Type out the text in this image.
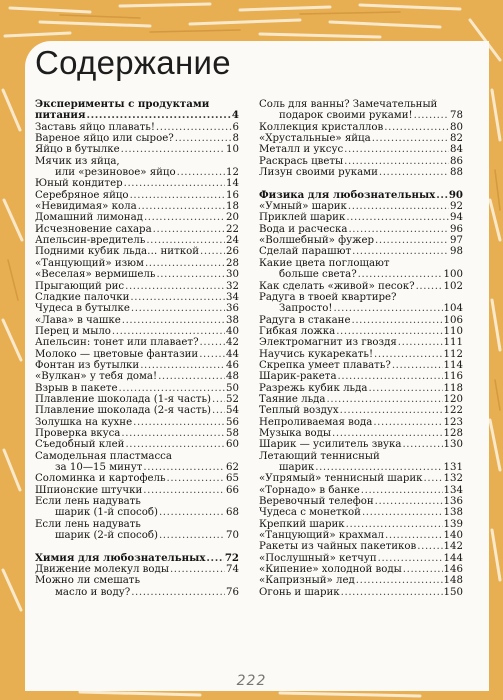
Содержание
Эксперименты с продуктами
питания .....	4
Заставь яйцо плавать! .....	6
Вареное яйцо или сырое? .....	8
Яйцо в бутылке .....	10
Мячик из яйца,
или «резиновое» яйцо .....	12
Юный кондитер .....	14
Серебряное яйцо .....	16
«Невидимая» кола .....	18
Домашний лимонад .....	20
Исчезновение сахара .....	22
Апельсин-вредитель .....	24
Подними кубик льда… ниткой .....	26
«Танцующий» изюм .....	28
«Веселая» вермишель .....	30
Прыгающий рис .....	32
Сладкие палочки .....	34
Чудеса в бутылке .....	36
«Лава» в чашке .....	38
Перец и мыло .....	40
Апельсин: тонет или плавает? .....	42
Молоко — цветовые фантазии .....	44
Фонтан из бутылки .....	46
«Вулкан» у тебя дома! .....	48
Взрыв в пакете .....	50
Плавление шоколада (1-я часть) ..... 52
Плавление шоколада (2-я часть) ..... 54
Золушка на кухне .....	56
Проверка вкуса .....	58
Съедобный клей .....	60
Самодельная пластмасса
за 10—15 минут .....	62
Соломинка и картофель .....	65
Шпионские штучки .....	66
Если лень надувать
шарик (1-й способ) .....	68
Если лень надувать
шарик (2-й способ) .....	70
Химия для любознательных ..... 72
Движение молекул воды .....	74
Можно ли смешать
масло и воду? .....	76
Соль для ванны? Замечательный
подарок своими руками! .....	78
Коллекция кристаллов .....	80
«Хрустальные» яйца .....	82
Металл и уксус .....	84
Раскрась цветы .....	86
Лизун своими руками .....	88
Физика для любознательных ..... 90
«Умный» шарик .....	92
Приклей шарик .....	94
Вода и расческа .....	96
«Волшебный» фужер .....	97
Сделай парашют .....	98
Какие цвета поглощают
больше света? .....	100
Как сделать «живой» песок? .....	102
Радуга в твоей квартире?
Запросто! .....	104
Радуга в стакане .....	106
Гибкая ложка .....	110
Электромагнит из гвоздя .....	111
Научись кукарекать! .....	112
Скрепка умеет плавать? .....	114
Шарик-ракета .....	116
Разрежь кубик льда .....	118
Таяние льда .....	120
Теплый воздух .....	122
Непроливаемая вода .....	123
Музыка воды .....	128
Шарик — усилитель звука .....	130
Летающий теннисный
шарик .....	131
«Упрямый» теннисный шарик ..... 132
«Торнадо» в банке .....	134
Веревочный телефон .....	136
Чудеса с монеткой .....	138
Крепкий шарик .....	139
«Танцующий» крахмал .....	140
Ракеты из чайных пакетиков .....	142
«Послушный» кетчуп .....	144
«Кипение» холодной воды .....	146
«Капризный» лед .....	148
Огонь и шарик .....	150
222
